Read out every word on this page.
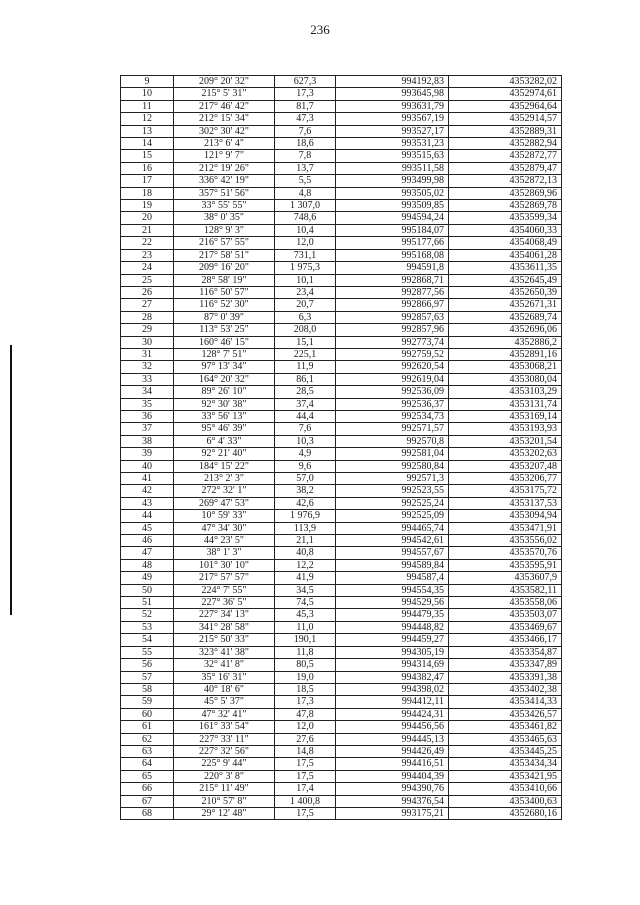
236
9	209° 20' 32"	627,3	994192,83	4353282,02
10	215° 5' 31"	17,3	993645,98	4352974,61
11	217° 46' 42"	81,7	993631,79	4352964,64
12	212° 15' 34"	47,3	993567,19	4352914,57
13	302° 30' 42"	7,6	993527,17	4352889,31
14	213° 6' 4"	18,6	993531,23	4352882,94
15	121° 9' 7"	7,8	993515,63	4352872,77
16	212° 19' 26"	13,7	993511,58	4352879,47
17	336° 42' 19"	5,5	993499,98	4352872,13
18	357° 51' 56"	4,8	993505,02	4352869,96
19	33° 55' 55"	1 307,0	993509,85	4352869,78
20	38° 0' 35"	748,6	994594,24	4353599,34
21	128° 9' 3"	10,4	995184,07	4354060,33
22	216° 57' 55"	12,0	995177,66	4354068,49
23	217° 58' 51"	731,1	995168,08	4354061,28
24	209° 16' 20"	1 975,3	994591,8	4353611,35
25	28° 58' 19"	10,1	992868,71	4352645,49
26	116° 50' 57"	23,4	992877,56	4352650,39
27	116° 52' 30"	20,7	992866,97	4352671,31
28	87° 0' 39"	6,3	992857,63	4352689,74
29	113° 53' 25"	208,0	992857,96	4352696,06
30	160° 46' 15"	15,1	992773,74	4352886,2
31	128° 7' 51"	225,1	992759,52	4352891,16
32	97° 13' 34"	11,9	992620,54	4353068,21
33	164° 20' 32"	86,1	992619,04	4353080,04
34	89° 26' 10"	28,5	992536,09	4353103,29
35	92° 30' 38"	37,4	992536,37	4353131,74
36	33° 56' 13"	44,4	992534,73	4353169,14
37	95° 46' 39"	7,6	992571,57	4353193,93
38	6° 4' 33"	10,3	992570,8	4353201,54
39	92° 21' 40"	4,9	992581,04	4353202,63
40	184° 15' 22"	9,6	992580,84	4353207,48
41	213° 2' 3"	57,0	992571,3	4353206,77
42	272° 32' 1"	38,2	992523,55	4353175,72
43	269° 47' 53"	42,6	992525,24	4353137,53
44	10° 59' 33"	1 976,9	992525,09	4353094,94
45	47° 34' 30"	113,9	994465,74	4353471,91
46	44° 23' 5"	21,1	994542,61	4353556,02
47	38° 1' 3"	40,8	994557,67	4353570,76
48	101° 30' 10"	12,2	994589,84	4353595,91
49	217° 57' 57"	41,9	994587,4	4353607,9
50	224° 7' 55"	34,5	994554,35	4353582,11
51	227° 36' 5"	74,5	994529,56	4353558,06
52	227° 34' 13"	45,3	994479,35	4353503,07
53	341° 28' 58"	11,0	994448,82	4353469,67
54	215° 50' 33"	190,1	994459,27	4353466,17
55	323° 41' 38"	11,8	994305,19	4353354,87
56	32° 41' 8"	80,5	994314,69	4353347,89
57	35° 16' 31"	19,0	994382,47	4353391,38
58	40° 18' 6"	18,5	994398,02	4353402,38
59	45° 5' 37"	17,3	994412,11	4353414,33
60	47° 32' 41"	47,8	994424,31	4353426,57
61	161° 33' 54"	12,0	994456,56	4353461,82
62	227° 33' 11"	27,6	994445,13	4353465,63
63	227° 32' 56"	14,8	994426,49	4353445,25
64	225° 9' 44"	17,5	994416,51	4353434,34
65	220° 3' 8"	17,5	994404,39	4353421,95
66	215° 11' 49"	17,4	994390,76	4353410,66
67	210° 57' 8"	1 400,8	994376,54	4353400,63
68	29° 12' 48"	17,5	993175,21	4352680,16
